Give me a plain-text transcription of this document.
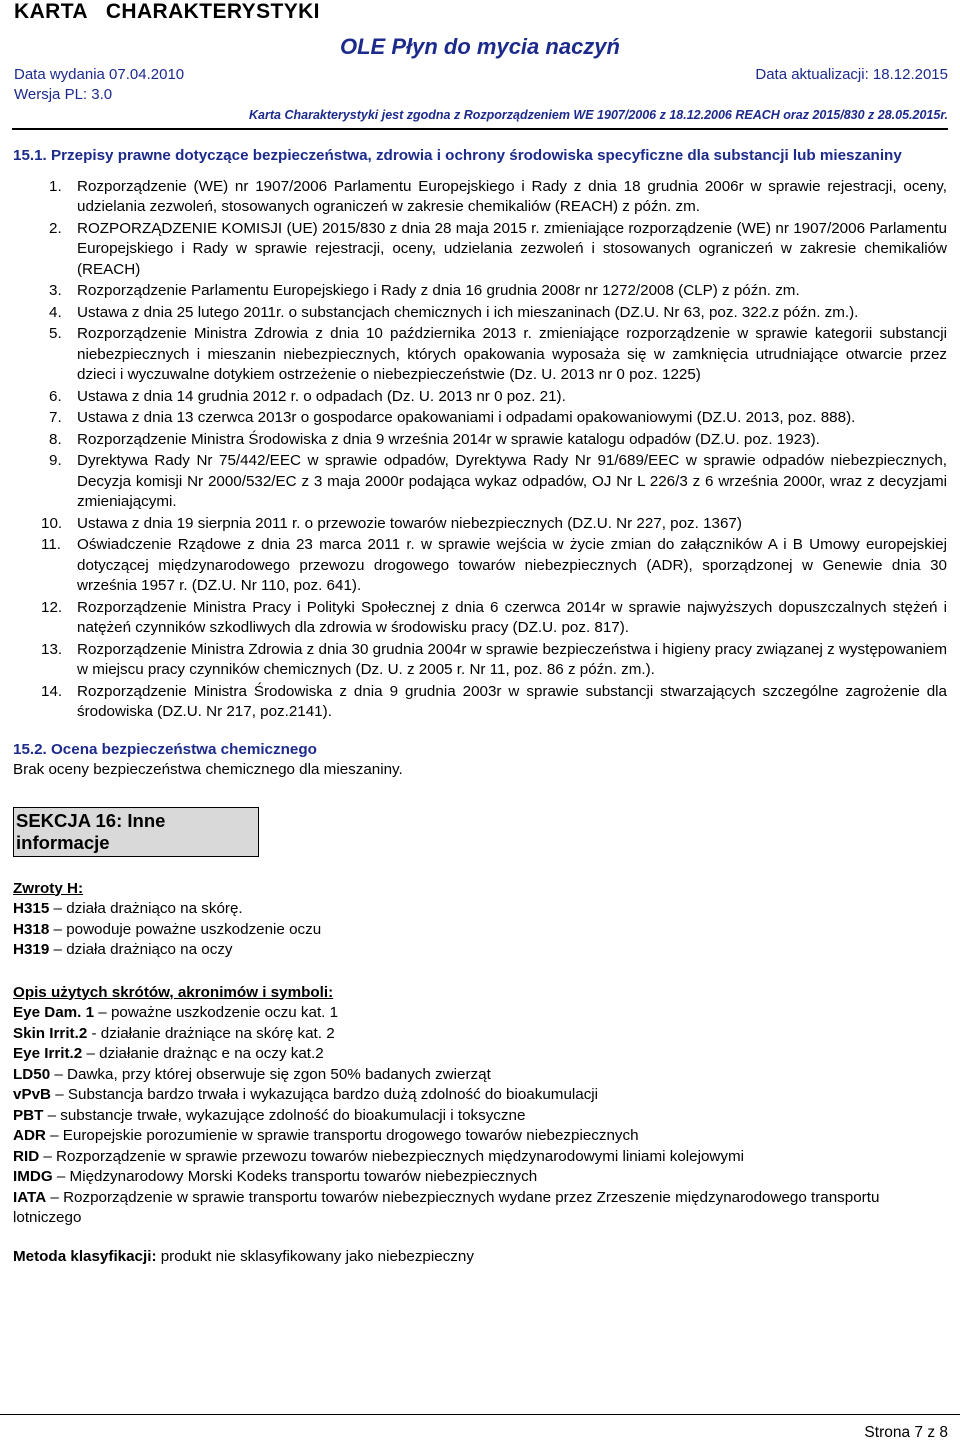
KARTA   CHARAKTERYSTYKI
OLE Płyn do mycia naczyń
Data wydania 07.04.2010	Data aktualizacji: 18.12.2015
Wersja PL: 3.0
Karta Charakterystyki jest zgodna z Rozporządzeniem WE 1907/2006 z 18.12.2006 REACH oraz 2015/830 z 28.05.2015r.

15.1. Przepisy prawne dotyczące bezpieczeństwa, zdrowia i ochrony środowiska specyficzne dla substancji lub mieszaniny

1. Rozporządzenie (WE) nr 1907/2006 Parlamentu Europejskiego i Rady z dnia 18 grudnia 2006r w sprawie rejestracji, oceny, udzielania zezwoleń, stosowanych ograniczeń w zakresie chemikaliów (REACH) z późn. zm.
2. ROZPORZĄDZENIE KOMISJI (UE) 2015/830 z dnia 28 maja 2015 r. zmieniające rozporządzenie (WE) nr 1907/2006 Parlamentu Europejskiego i Rady w sprawie rejestracji, oceny, udzielania zezwoleń i stosowanych ograniczeń w zakresie chemikaliów (REACH)
3. Rozporządzenie Parlamentu Europejskiego i Rady z dnia 16 grudnia 2008r nr 1272/2008 (CLP) z późn. zm.
4. Ustawa z dnia 25 lutego 2011r. o substancjach chemicznych i ich mieszaninach (DZ.U. Nr 63, poz. 322.z późn. zm.).
5. Rozporządzenie Ministra Zdrowia z dnia 10 października 2013 r. zmieniające rozporządzenie w sprawie kategorii substancji niebezpiecznych i mieszanin niebezpiecznych, których opakowania wyposaża się w zamknięcia utrudniające otwarcie przez dzieci i wyczuwalne dotykiem ostrzeżenie o niebezpieczeństwie (Dz. U. 2013 nr 0 poz. 1225)
6. Ustawa z dnia 14 grudnia 2012 r. o odpadach (Dz. U. 2013 nr 0 poz. 21).
7. Ustawa z dnia 13 czerwca 2013r o gospodarce opakowaniami i odpadami opakowaniowymi (DZ.U. 2013, poz. 888).
8. Rozporządzenie Ministra Środowiska z dnia 9 września 2014r w sprawie katalogu odpadów (DZ.U. poz. 1923).
9. Dyrektywa Rady Nr 75/442/EEC w sprawie odpadów, Dyrektywa Rady Nr 91/689/EEC w sprawie odpadów niebezpiecznych, Decyzja komisji Nr 2000/532/EC z 3 maja 2000r podająca wykaz odpadów, OJ Nr L 226/3 z 6 września 2000r, wraz z decyzjami zmieniającymi.
10. Ustawa z dnia 19 sierpnia 2011 r. o przewozie towarów niebezpiecznych (DZ.U. Nr 227, poz. 1367)
11. Oświadczenie Rządowe z dnia 23 marca 2011 r. w sprawie wejścia w życie zmian do załączników A i B Umowy europejskiej dotyczącej międzynarodowego przewozu drogowego towarów niebezpiecznych (ADR), sporządzonej w Genewie dnia 30 września 1957 r. (DZ.U. Nr 110, poz. 641).
12. Rozporządzenie Ministra Pracy i Polityki Społecznej z dnia 6 czerwca 2014r w sprawie najwyższych dopuszczalnych stężeń i natężeń czynników szkodliwych dla zdrowia w środowisku pracy (DZ.U. poz. 817).
13. Rozporządzenie Ministra Zdrowia z dnia 30 grudnia 2004r w sprawie bezpieczeństwa i higieny pracy związanej z występowaniem w miejscu pracy czynników chemicznych (Dz. U. z 2005 r. Nr 11, poz. 86 z późn. zm.).
14. Rozporządzenie Ministra Środowiska z dnia 9 grudnia 2003r w sprawie substancji stwarzających szczególne zagrożenie dla środowiska (DZ.U. Nr 217, poz.2141).

15.2. Ocena bezpieczeństwa chemicznego

Brak oceny bezpieczeństwa chemicznego dla mieszaniny.
SEKCJA 16: Inne informacje
Zwroty H:

H315 – działa drażniąco na skórę.

H318 – powoduje poważne uszkodzenie oczu

H319 – działa drażniąco na oczy

Opis użytych skrótów, akronimów i symboli:

Eye Dam. 1 – poważne uszkodzenie oczu kat. 1

Skin Irrit.2 - działanie drażniące na skórę kat. 2

Eye Irrit.2 – działanie drażnąc e na oczy kat.2

LD50 – Dawka, przy której obserwuje się zgon 50% badanych zwierząt

vPvB – Substancja bardzo trwała i wykazująca bardzo dużą zdolność do bioakumulacji

PBT – substancje trwałe, wykazujące zdolność do bioakumulacji i toksyczne

ADR – Europejskie porozumienie w sprawie transportu drogowego towarów niebezpiecznych

RID – Rozporządzenie w sprawie przewozu towarów niebezpiecznych międzynarodowymi liniami kolejowymi

IMDG – Międzynarodowy Morski Kodeks transportu towarów niebezpiecznych

IATA – Rozporządzenie w sprawie transportu towarów niebezpiecznych wydane przez Zrzeszenie międzynarodowego transportu lotniczego

Metoda klasyfikacji: produkt nie sklasyfikowany jako niebezpieczny

Strona 7 z 8
